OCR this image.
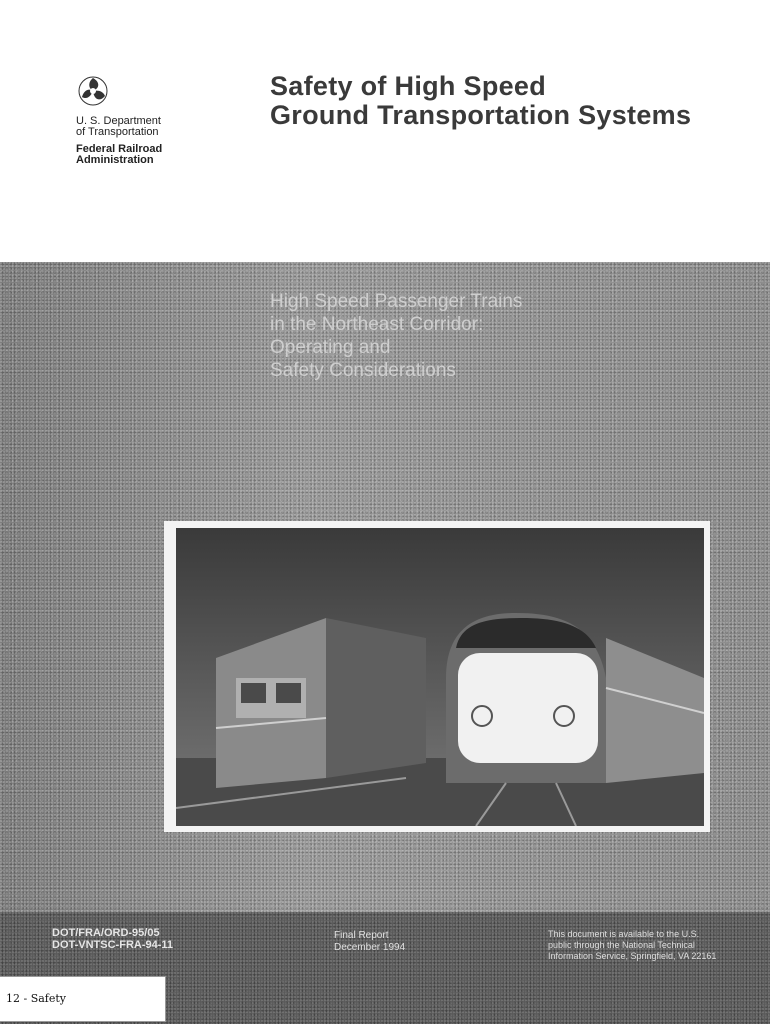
U. S. Department
of Transportation
Federal Railroad
Administration
Safety of High Speed
Ground Transportation Systems
High Speed Passenger Trains
in the Northeast Corridor:
Operating and
Safety Considerations
DOT/FRA/ORD-95/05
DOT-VNTSC-FRA-94-11
Final Report
December 1994
This document is available to the U.S.
public through the National Technical
Information Service, Springfield, VA 22161
12 - Safety
